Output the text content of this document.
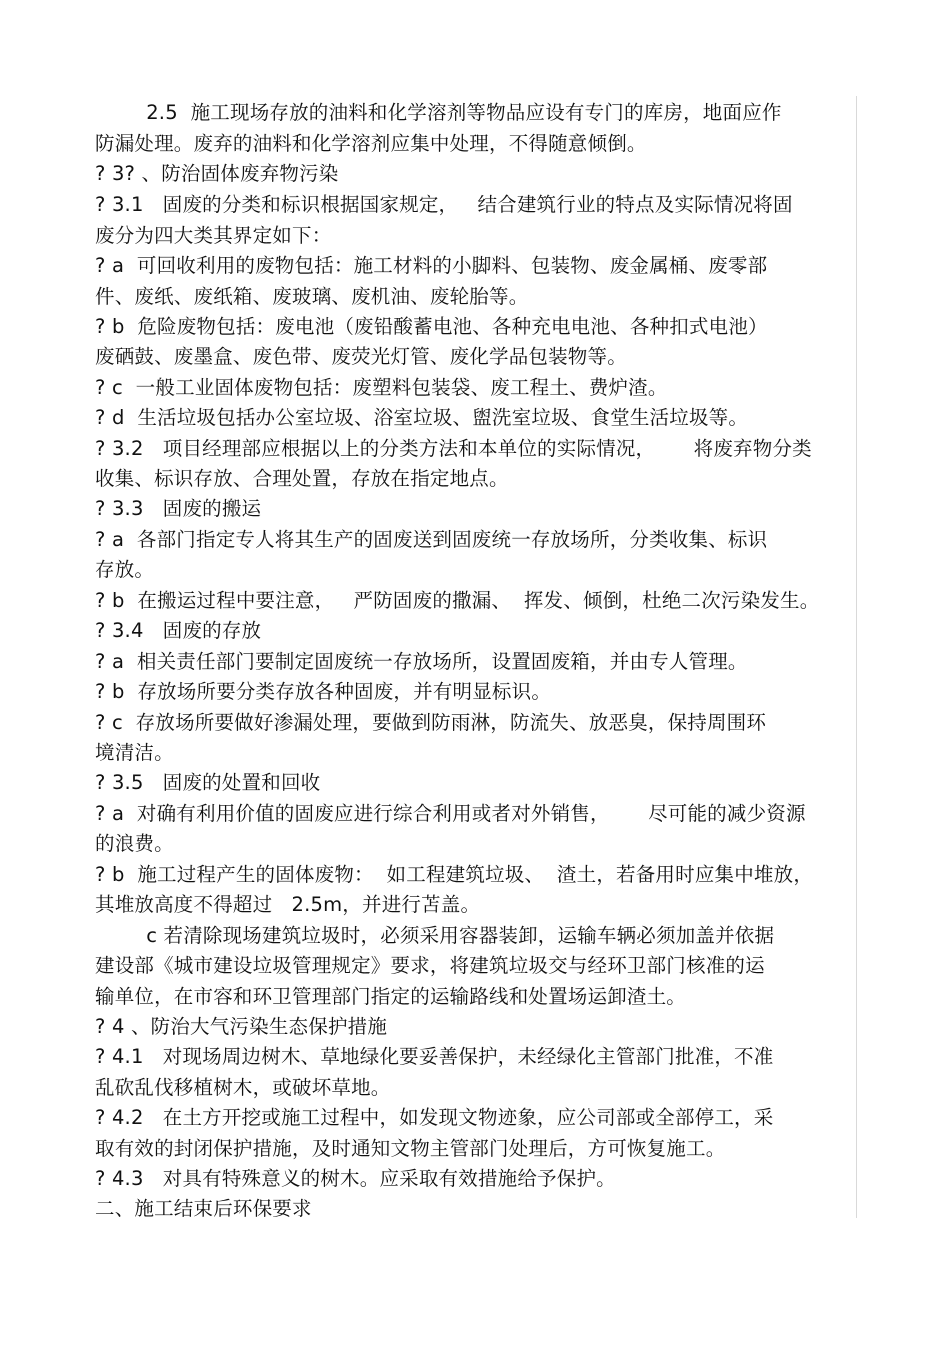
2.5  施工现场存放的油料和化学溶剂等物品应设有专门的库房，地面应作
防漏处理。废弃的油料和化学溶剂应集中处理，不得随意倾倒。
? 3? 、防治固体废弃物污染
? 3.1   固废的分类和标识根据国家规定，   结合建筑行业的特点及实际情况将固
废分为四大类其界定如下：
? a  可回收利用的废物包括：施工材料的小脚料、包装物、废金属桶、废零部
件、废纸、废纸箱、废玻璃、废机油、废轮胎等。
? b  危险废物包括：废电池（废铅酸蓄电池、各种充电电池、各种扣式电池）
废硒鼓、废墨盒、废色带、废荧光灯管、废化学品包装物等。
? c  一般工业固体废物包括：废塑料包装袋、废工程土、费炉渣。
? d  生活垃圾包括办公室垃圾、浴室垃圾、盥洗室垃圾、食堂生活垃圾等。
? 3.2   项目经理部应根据以上的分类方法和本单位的实际情况，      将废弃物分类
收集、标识存放、合理处置，存放在指定地点。
? 3.3   固废的搬运
? a  各部门指定专人将其生产的固废送到固废统一存放场所，分类收集、标识
存放。
? b  在搬运过程中要注意，   严防固废的撒漏、  挥发、倾倒，杜绝二次污染发生。
? 3.4   固废的存放
? a  相关责任部门要制定固废统一存放场所，设置固废箱，并由专人管理。
? b  存放场所要分类存放各种固废，并有明显标识。
? c  存放场所要做好渗漏处理，要做到防雨淋，防流失、放恶臭，保持周围环
境清洁。
? 3.5   固废的处置和回收
? a  对确有利用价值的固废应进行综合利用或者对外销售，      尽可能的减少资源
的浪费。
? b  施工过程产生的固体废物：  如工程建筑垃圾、  渣土，若备用时应集中堆放，
其堆放高度不得超过   2.5m，并进行苫盖。
c 若清除现场建筑垃圾时，必须采用容器装卸，运输车辆必须加盖并依据
建设部《城市建设垃圾管理规定》要求，将建筑垃圾交与经环卫部门核准的运
输单位，在市容和环卫管理部门指定的运输路线和处置场运卸渣土。
? 4 、防治大气污染生态保护措施
? 4.1   对现场周边树木、草地绿化要妥善保护，未经绿化主管部门批准，不准
乱砍乱伐移植树木，或破坏草地。
? 4.2   在土方开挖或施工过程中，如发现文物迹象，应公司部或全部停工，采
取有效的封闭保护措施，及时通知文物主管部门处理后，方可恢复施工。
? 4.3   对具有特殊意义的树木。应采取有效措施给予保护。
二、施工结束后环保要求
